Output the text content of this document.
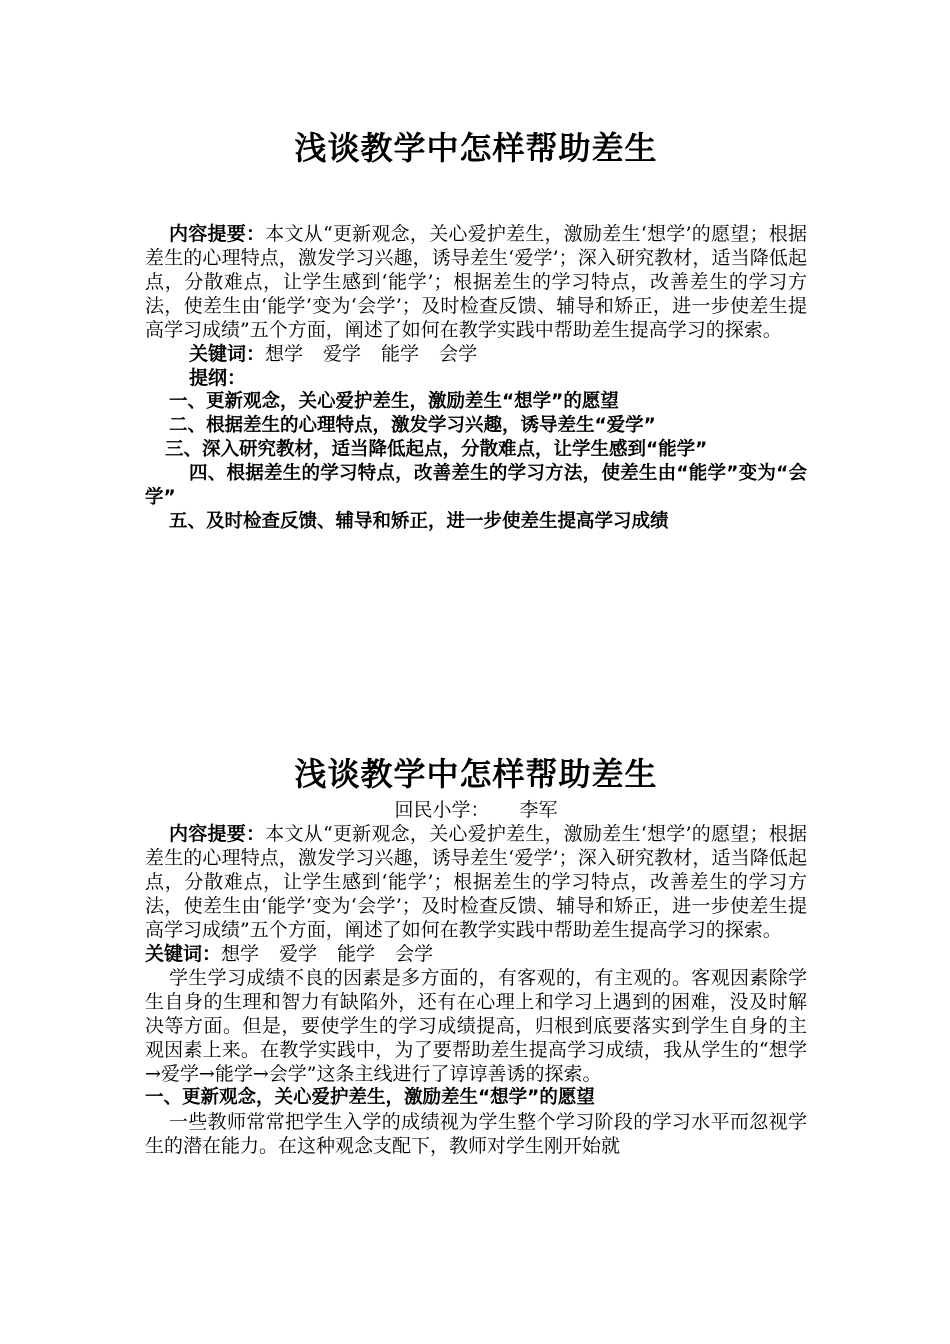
浅谈教学中怎样帮助差生

内容提要：本文从“更新观念，关心爱护差生，激励差生‘想学’的愿望；根据差生的心理特点，激发学习兴趣，诱导差生‘爱学’；深入研究教材，适当降低起点，分散难点，让学生感到‘能学’；根据差生的学习特点，改善差生的学习方法，使差生由‘能学’变为‘会学’；及时检查反馈、辅导和矫正，进一步使差生提高学习成绩”五个方面，阐述了如何在教学实践中帮助差生提高学习的探索。

关键词：想学 爱学 能学 会学

提纲：

一、更新观念，关心爱护差生，激励差生“想学”的愿望

二、根据差生的心理特点，激发学习兴趣，诱导差生“爱学”

三、深入研究教材，适当降低起点，分散难点，让学生感到“能学”

四、根据差生的学习特点，改善差生的学习方法，使差生由“能学”变为“会学”

五、及时检查反馈、辅导和矫正，进一步使差生提高学习成绩

浅谈教学中怎样帮助差生
回民小学： 李军

内容提要：本文从“更新观念，关心爱护差生，激励差生‘想学’的愿望；根据差生的心理特点，激发学习兴趣，诱导差生‘爱学’；深入研究教材，适当降低起点，分散难点，让学生感到‘能学’；根据差生的学习特点，改善差生的学习方法，使差生由‘能学’变为‘会学’；及时检查反馈、辅导和矫正，进一步使差生提高学习成绩”五个方面，阐述了如何在教学实践中帮助差生提高学习的探索。

关键词：想学 爱学 能学 会学

学生学习成绩不良的因素是多方面的，有客观的，有主观的。客观因素除学生自身的生理和智力有缺陷外，还有在心理上和学习上遇到的困难，没及时解决等方面。但是，要使学生的学习成绩提高，归根到底要落实到学生自身的主观因素上来。在教学实践中，为了要帮助差生提高学习成绩，我从学生的“想学→爱学→能学→会学”这条主线进行了谆谆善诱的探索。

一、更新观念，关心爱护差生，激励差生“想学”的愿望

一些教师常常把学生入学的成绩视为学生整个学习阶段的学习水平而忽视学生的潜在能力。在这种观念支配下，教师对学生刚开始就
